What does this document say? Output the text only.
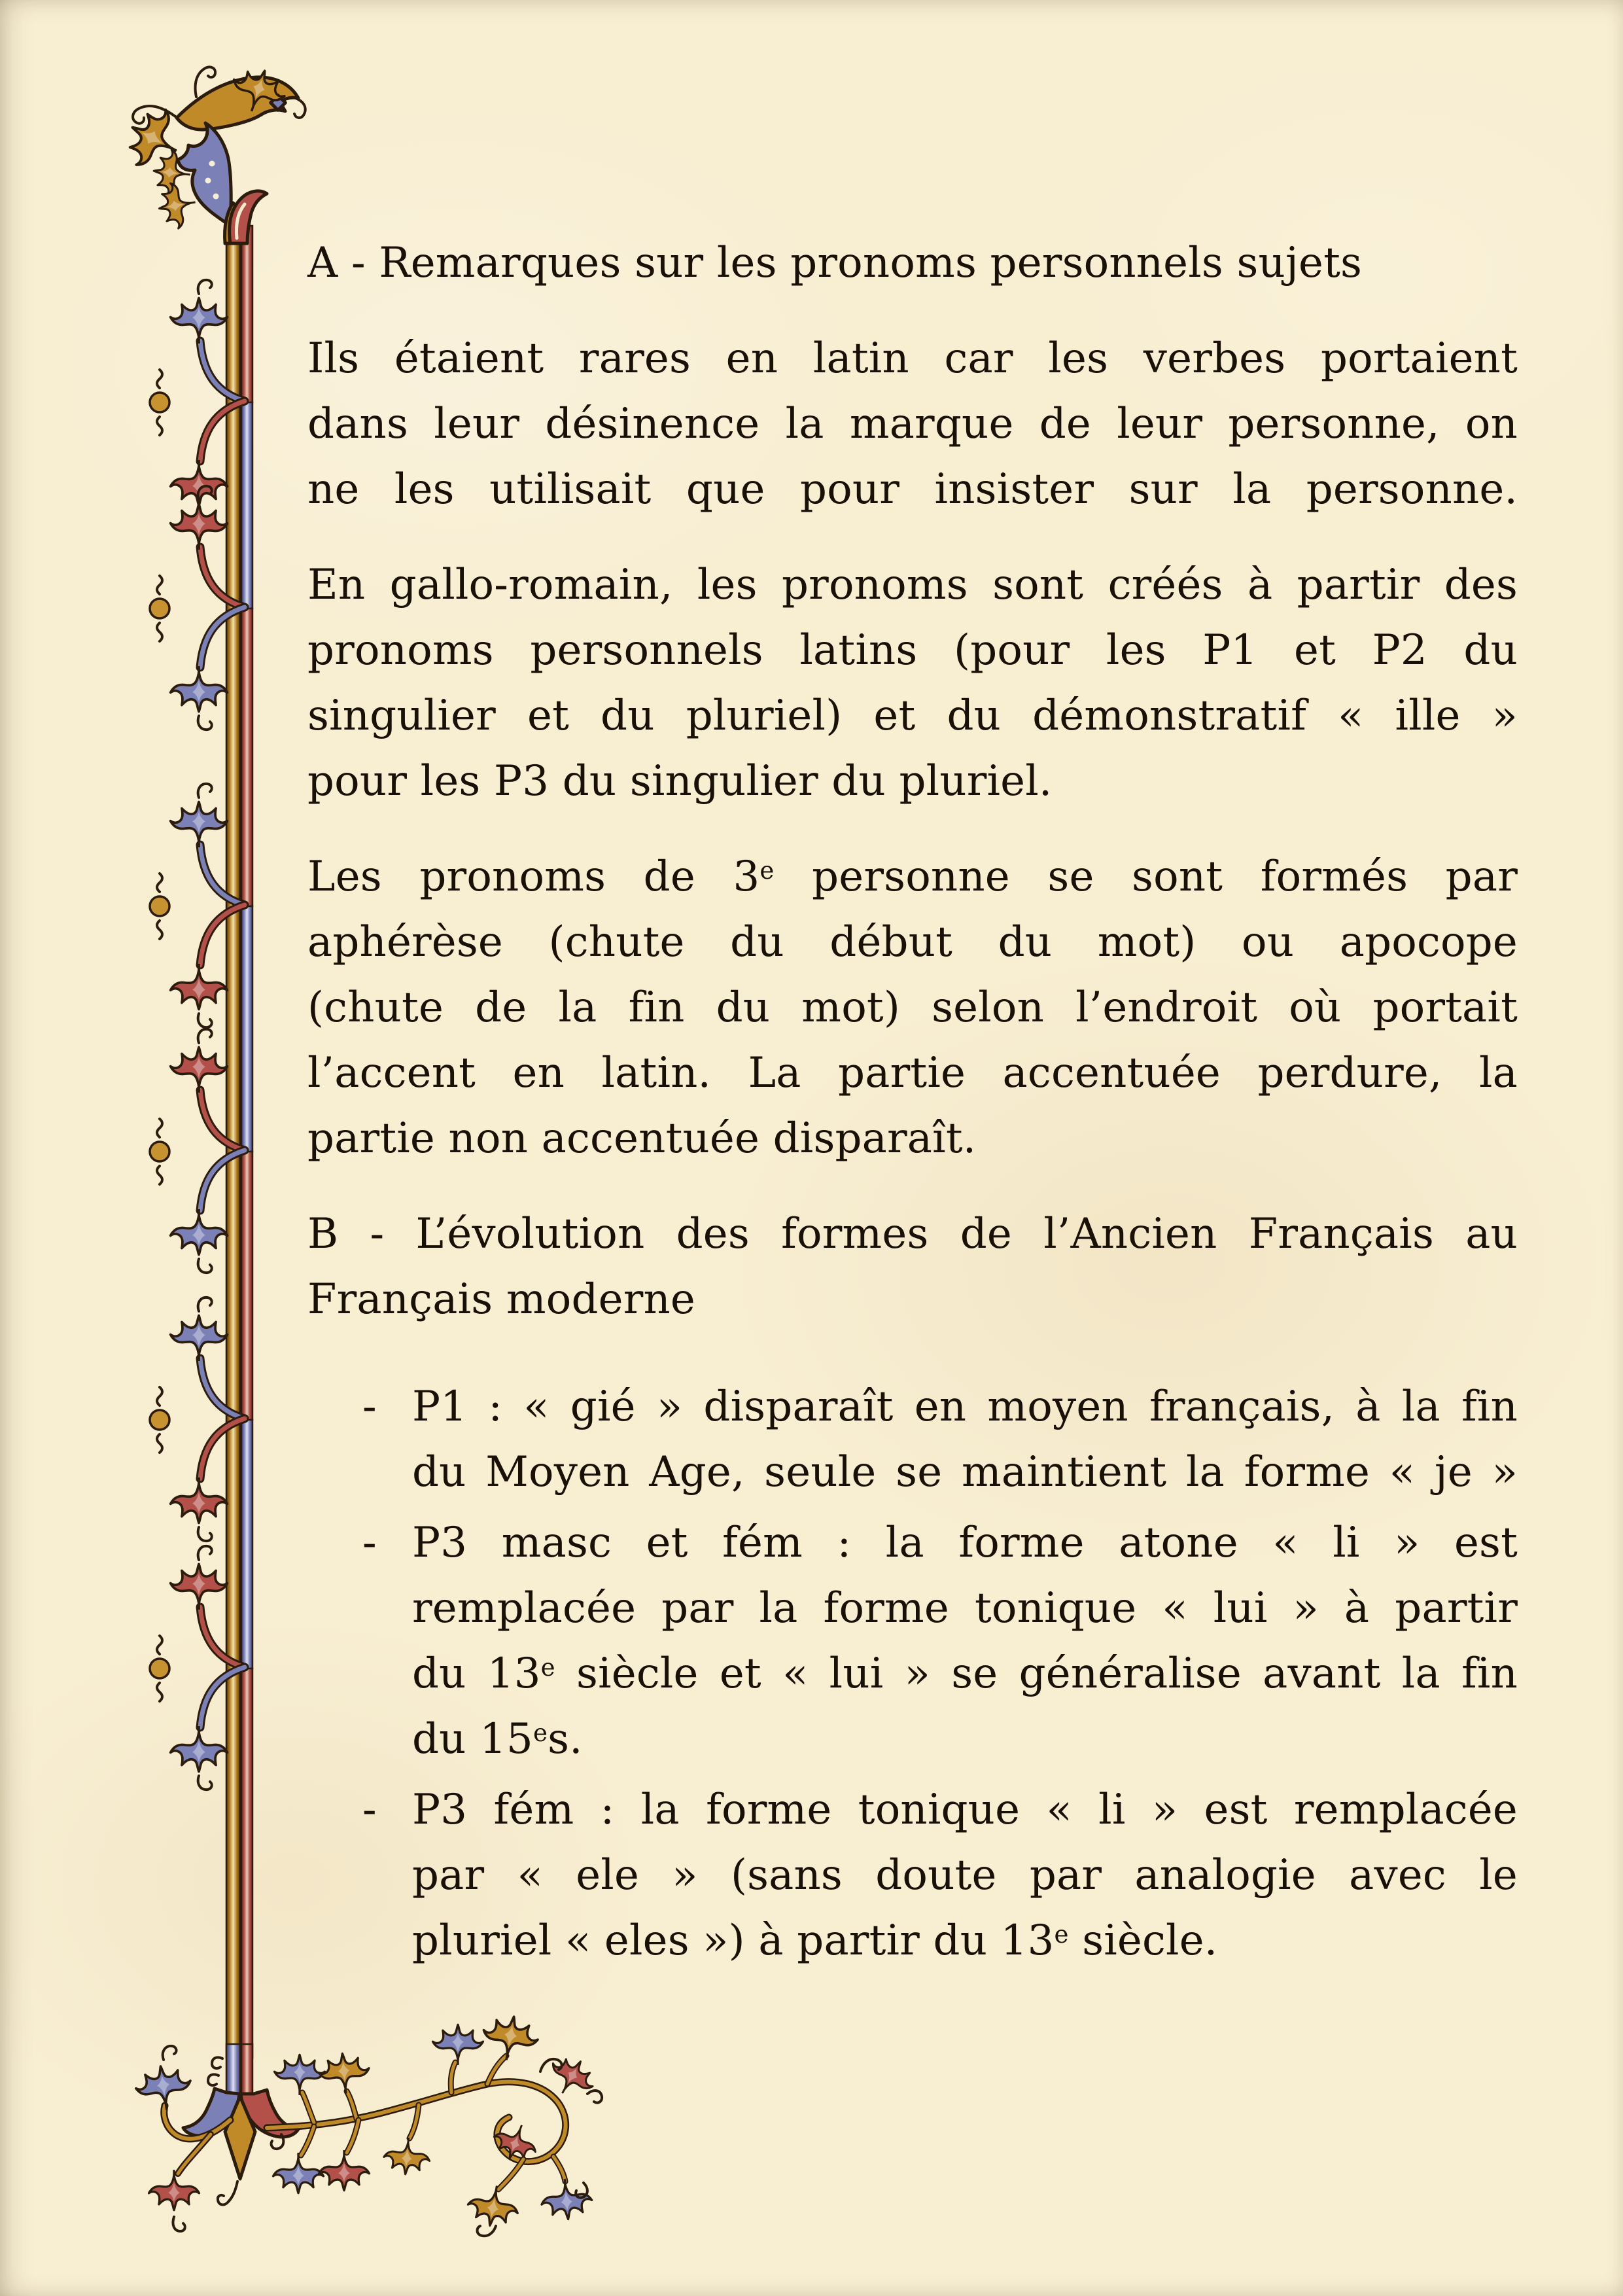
A - Remarques sur les pronoms personnels sujets
Ils étaient rares en latin car les verbes portaient
dans leur désinence la marque de leur personne, on
ne les utilisait que pour insister sur la personne.
En gallo-romain, les pronoms sont créés à partir des
pronoms personnels latins (pour les P1 et P2 du
singulier et du pluriel) et du démonstratif « ille »
pour les P3 du singulier du pluriel.
Les pronoms de 3e personne se sont formés par
aphérèse (chute du début du mot) ou apocope
(chute de la fin du mot) selon l’endroit où portait
l’accent en latin. La partie accentuée perdure, la
partie non accentuée disparaît.
B - L’évolution des formes de l’Ancien Français au
Français moderne
- P1 : « gié » disparaît en moyen français, à la fin
du Moyen Age, seule se maintient la forme « je »
- P3 masc et fém : la forme atone « li » est
remplacée par la forme tonique « lui » à partir
du 13e siècle et « lui » se généralise avant la fin
du 15es.
- P3 fém : la forme tonique « li » est remplacée
par « ele » (sans doute par analogie avec le
pluriel « eles ») à partir du 13e siècle.
